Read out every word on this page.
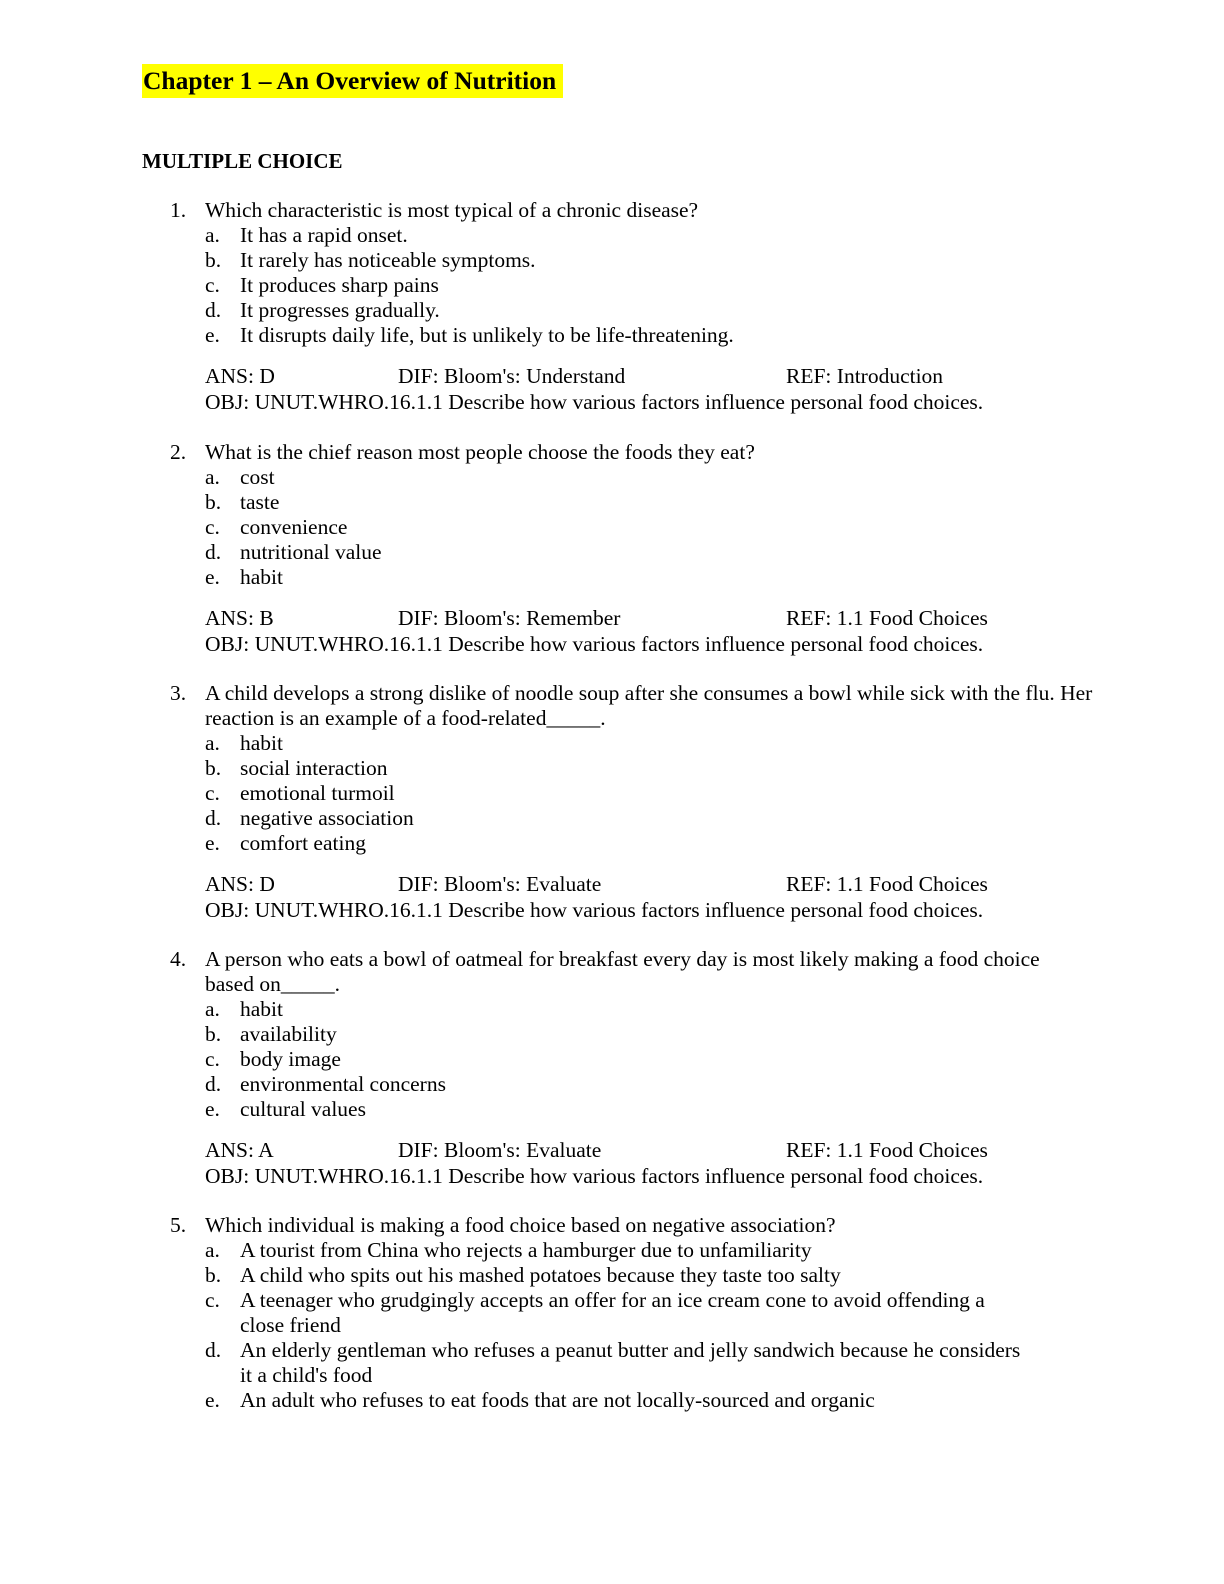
Chapter 1 – An Overview of Nutrition
MULTIPLE CHOICE
1. Which characteristic is most typical of a chronic disease?
a. It has a rapid onset.
b. It rarely has noticeable symptoms.
c. It produces sharp pains
d. It progresses gradually.
e. It disrupts daily life, but is unlikely to be life-threatening.
ANS: D	DIF: Bloom's: Understand	REF: Introduction
OBJ: UNUT.WHRO.16.1.1 Describe how various factors influence personal food choices.
2. What is the chief reason most people choose the foods they eat?
a. cost
b. taste
c. convenience
d. nutritional value
e. habit
ANS: B	DIF: Bloom's: Remember	REF: 1.1 Food Choices
OBJ: UNUT.WHRO.16.1.1 Describe how various factors influence personal food choices.
3. A child develops a strong dislike of noodle soup after she consumes a bowl while sick with the flu. Her
reaction is an example of a food-related_____.
a. habit
b. social interaction
c. emotional turmoil
d. negative association
e. comfort eating
ANS: D	DIF: Bloom's: Evaluate	REF: 1.1 Food Choices
OBJ: UNUT.WHRO.16.1.1 Describe how various factors influence personal food choices.
4. A person who eats a bowl of oatmeal for breakfast every day is most likely making a food choice
based on_____.
a. habit
b. availability
c. body image
d. environmental concerns
e. cultural values
ANS: A	DIF: Bloom's: Evaluate	REF: 1.1 Food Choices
OBJ: UNUT.WHRO.16.1.1 Describe how various factors influence personal food choices.
5. Which individual is making a food choice based on negative association?
a. A tourist from China who rejects a hamburger due to unfamiliarity
b. A child who spits out his mashed potatoes because they taste too salty
c. A teenager who grudgingly accepts an offer for an ice cream cone to avoid offending a
close friend
d. An elderly gentleman who refuses a peanut butter and jelly sandwich because he considers
it a child's food
e. An adult who refuses to eat foods that are not locally-sourced and organic
